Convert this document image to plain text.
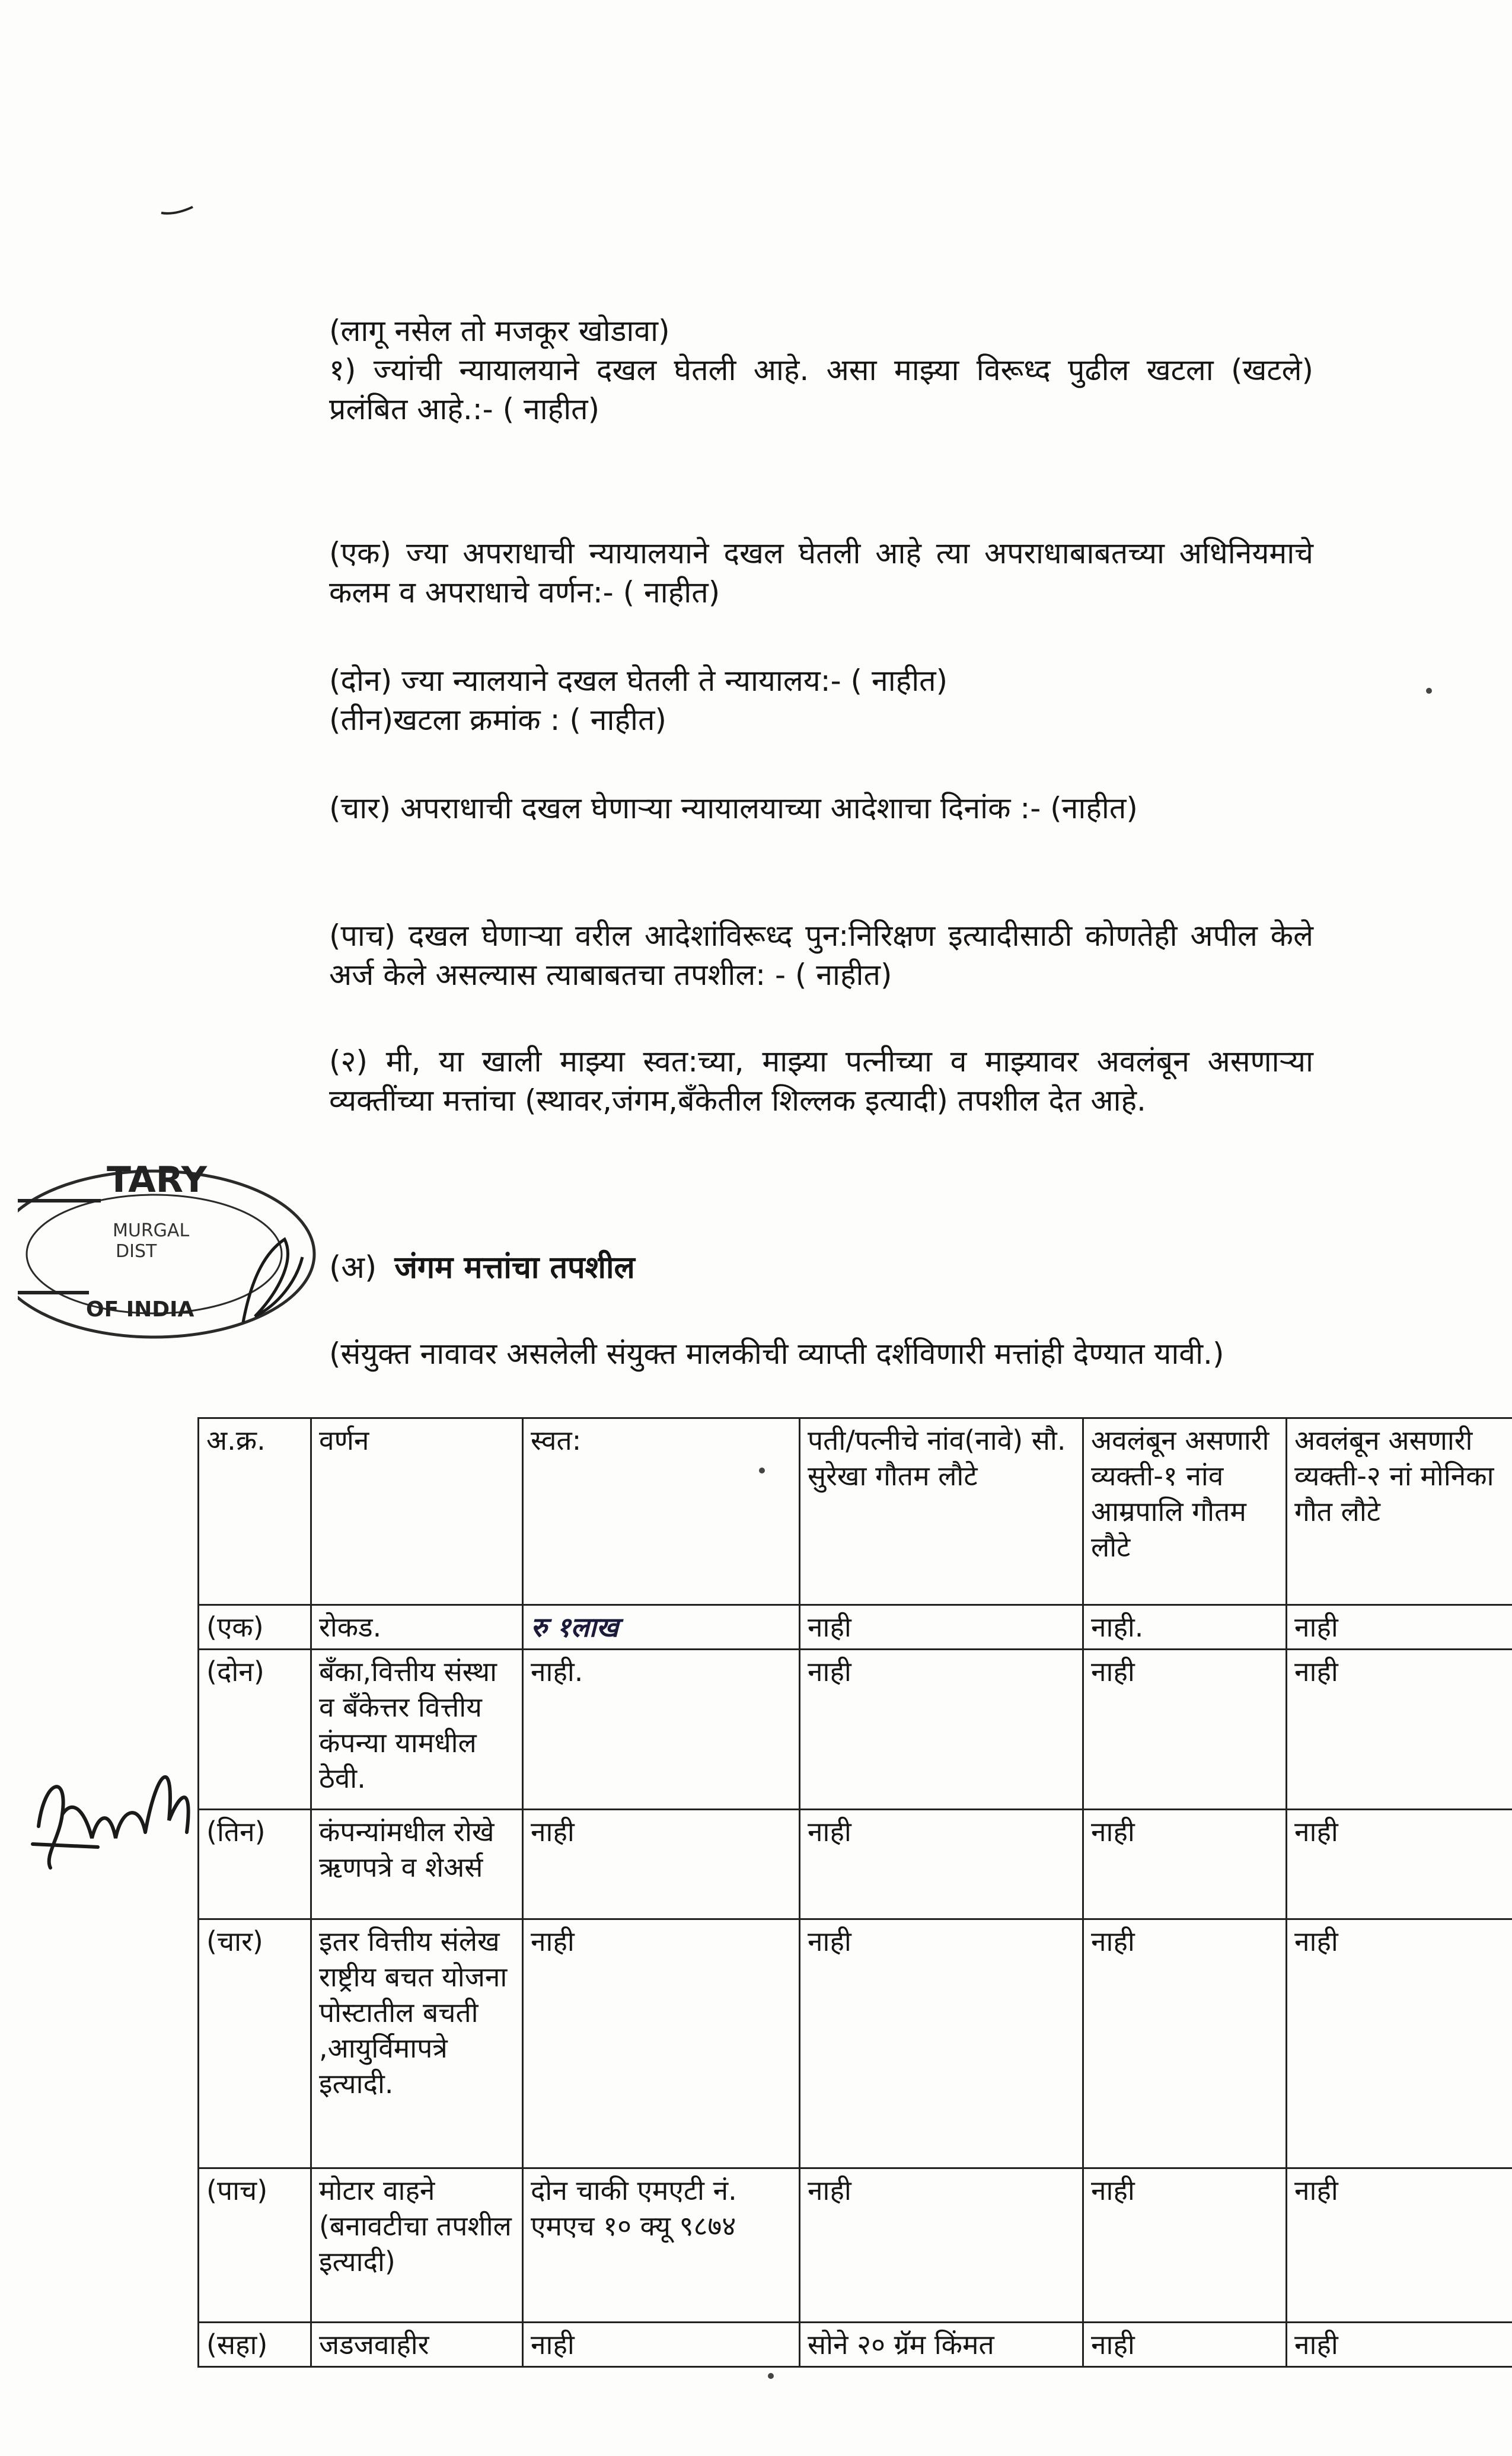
(लागू नसेल तो मजकूर खोडावा)

१) ज्यांची न्यायालयाने दखल घेतली आहे. असा माझ्या विरूध्द पुढील खटला (खटले) प्रलंबित आहे.:- ( नाहीत)

(एक) ज्या अपराधाची न्यायालयाने दखल घेतली आहे त्या अपराधाबाबतच्या अधिनियमाचे कलम व अपराधाचे वर्णन:- ( नाहीत)
(दोन) ज्या न्यालयाने दखल घेतली ते न्यायालय:- ( नाहीत)
(तीन)खटला क्रमांक : ( नाहीत)
(चार) अपराधाची दखल घेणाऱ्या न्यायालयाच्या आदेशाचा दिनांक :- (नाहीत)
(पाच) दखल घेणाऱ्या वरील आदेशांविरूध्द पुन:निरिक्षण इत्यादीसाठी कोणतेही अपील केले अर्ज केले असल्यास त्याबाबतचा तपशील: - ( नाहीत)
(२) मी, या खाली माझ्या स्वत:च्या, माझ्या पत्नीच्या व माझ्यावर अवलंबून असणाऱ्या व्यक्तींच्या मत्तांचा (स्थावर,जंगम,बँकेतील शिल्लक इत्यादी) तपशील देत आहे.
(अ) जंगम मत्तांचा तपशील
(संयुक्त नावावर असलेली संयुक्त मालकीची व्याप्ती दर्शविणारी मत्तांही देण्यात यावी.)
TARY
MURGAL
DIST
OF INDIA
अ.क्र.	वर्णन	स्वत:	पती/पत्नीचे नांव(नावे) सौ. सुरेखा गौतम लौटे	अवलंबून असणारी व्यक्ती-१ नांव आम्रपालि गौतम लौटे	अवलंबून असणारी व्यक्ती-२ नां मोनिका गौत लौटे
(एक)	रोकड.	रु १लाख	नाही	नाही.	नाही
(दोन)	बँका,वित्तीय संस्था व बँकेत्तर वित्तीय कंपन्या यामधील ठेवी.	नाही.	नाही	नाही	नाही
(तिन)	कंपन्यांमधील रोखे ऋणपत्रे व शेअर्स	नाही	नाही	नाही	नाही
(चार)	इतर वित्तीय संलेख राष्ट्रीय बचत योजना पोस्टातील बचती ,आयुर्विमापत्रे इत्यादी.	नाही	नाही	नाही	नाही
(पाच)	मोटार वाहने (बनावटीचा तपशील इत्यादी)	दोन चाकी एमएटी नं. एमएच १० क्यू ९८७४	नाही	नाही	नाही
(सहा)	जडजवाहीर	नाही	सोने २० ग्रॅम किंमत	नाही	नाही
